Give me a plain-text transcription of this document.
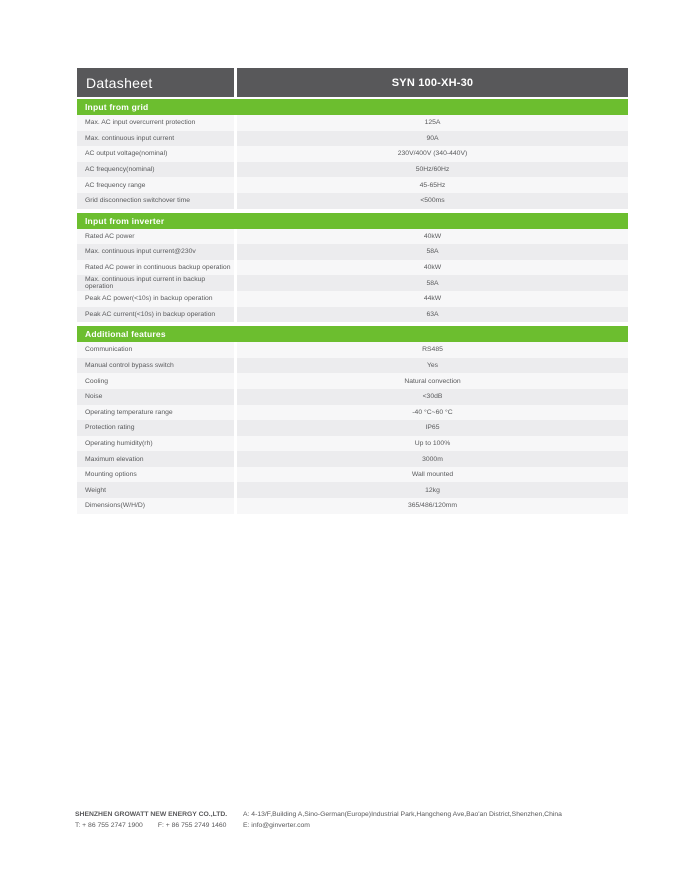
Datasheet	SYN 100-XH-30
Input from grid
Max. AC input overcurrent protection	125A
Max. continuous input current	90A
AC output voltage(nominal)	230V/400V (340-440V)
AC frequency(nominal)	50Hz/60Hz
AC frequency range	45-65Hz
Grid disconnection switchover time	<500ms
Input from inverter
Rated AC power	40kW
Max. continuous input current@230v	58A
Rated AC power in continuous backup operation	40kW
Max. continuous input current in backup operation	58A
Peak AC power(<10s) in backup operation	44kW
Peak AC current(<10s) in backup operation	63A
Additional features
Communication	RS485
Manual control bypass switch	Yes
Cooling	Natural convection
Noise	<30dB
Operating temperature range	-40 °C~60 °C
Protection rating	IP65
Operating humidity(rh)	Up to 100%
Maximum elevation	3000m
Mounting options	Wall mounted
Weight	12kg
Dimensions(W/H/D)	365/486/120mm
SHENZHEN GROWATT NEW ENERGY CO.,LTD.
T: + 86 755 2747 1900 F: + 86 755 2749 1460
A: 4-13/F,Building A,Sino-German(Europe)Industrial Park,Hangcheng Ave,Bao'an District,Shenzhen,China
E: info@ginverter.com
